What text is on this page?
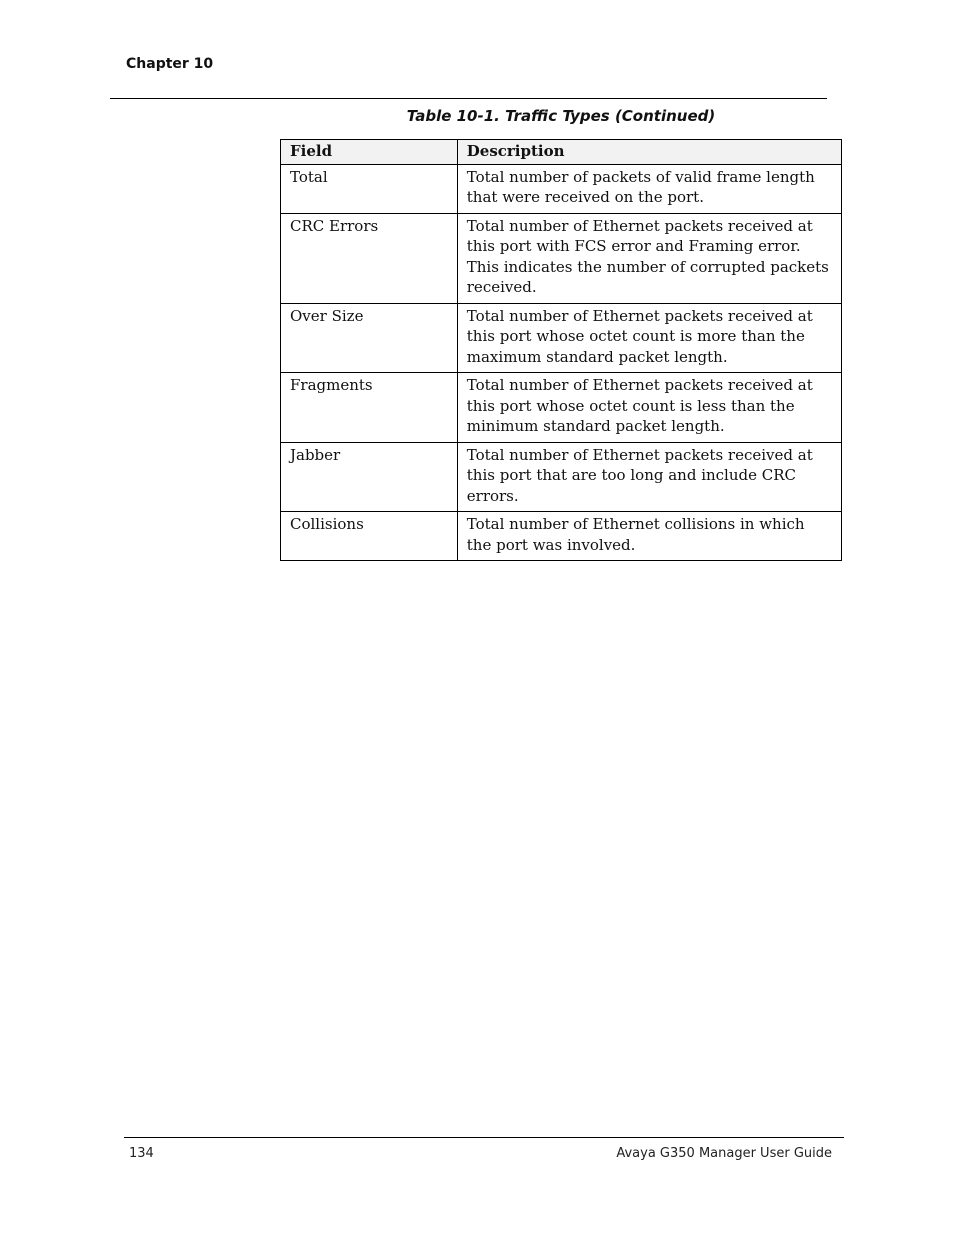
Chapter 10
Table 10-1. Traffic Types (Continued)
Field	Description
Total	Total number of packets of valid frame length that were received on the port.
CRC Errors	Total number of Ethernet packets received at this port with FCS error and Framing error. This indicates the number of corrupted packets received.
Over Size	Total number of Ethernet packets received at this port whose octet count is more than the maximum standard packet length.
Fragments	Total number of Ethernet packets received at this port whose octet count is less than the minimum standard packet length.
Jabber	Total number of Ethernet packets received at this port that are too long and include CRC errors.
Collisions	Total number of Ethernet collisions in which the port was involved.
134	Avaya G350 Manager User Guide
